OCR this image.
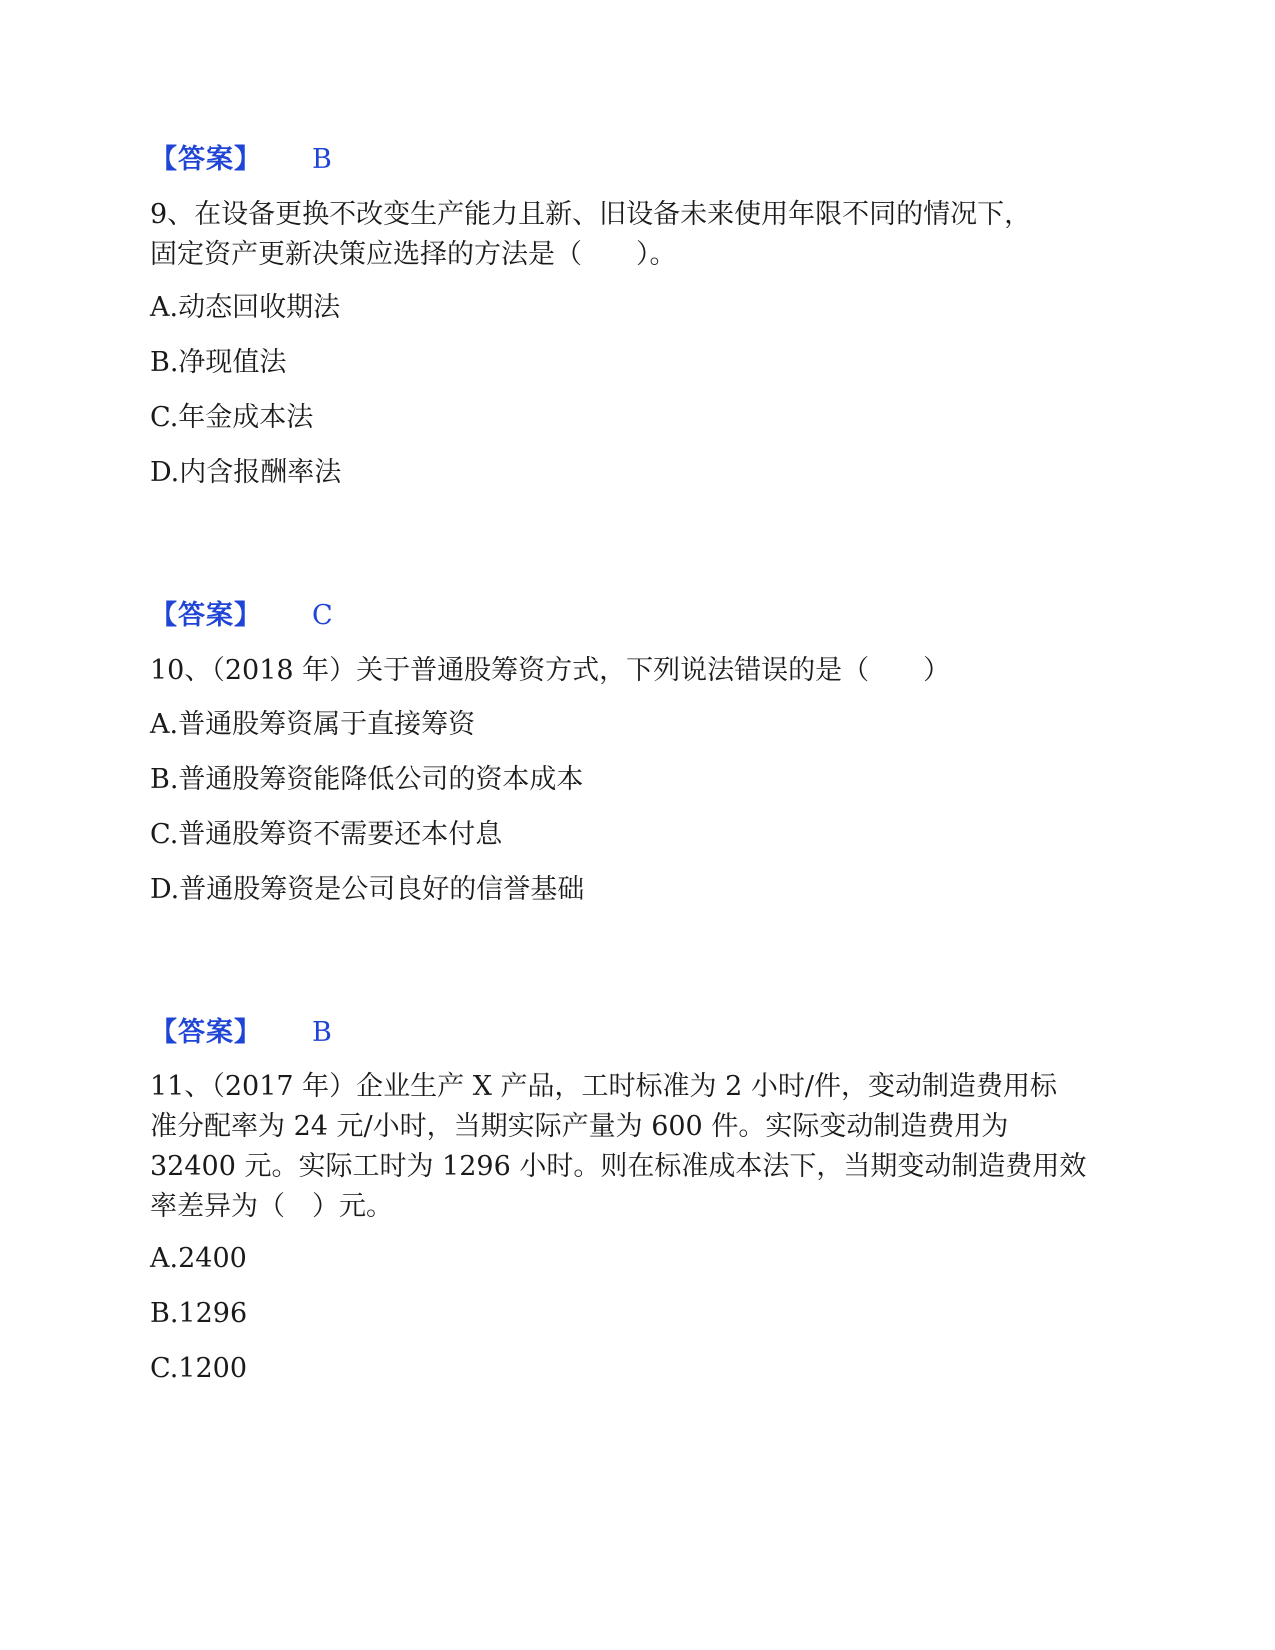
【答案】 B

9、在设备更换不改变生产能力且新、旧设备未来使用年限不同的情况下，

固定资产更新决策应选择的方法是（　　）。

A.动态回收期法

B.净现值法

C.年金成本法

D.内含报酬率法

【答案】 C

10、（2018 年）关于普通股筹资方式，下列说法错误的是（　　）

A.普通股筹资属于直接筹资

B.普通股筹资能降低公司的资本成本

C.普通股筹资不需要还本付息

D.普通股筹资是公司良好的信誉基础

【答案】 B

11、（2017 年）企业生产 X 产品，工时标准为 2 小时/件，变动制造费用标

准分配率为 24 元/小时，当期实际产量为 600 件。实际变动制造费用为

32400 元。实际工时为 1296 小时。则在标准成本法下，当期变动制造费用效

率差异为（　）元。

A.2400

B.1296

C.1200
